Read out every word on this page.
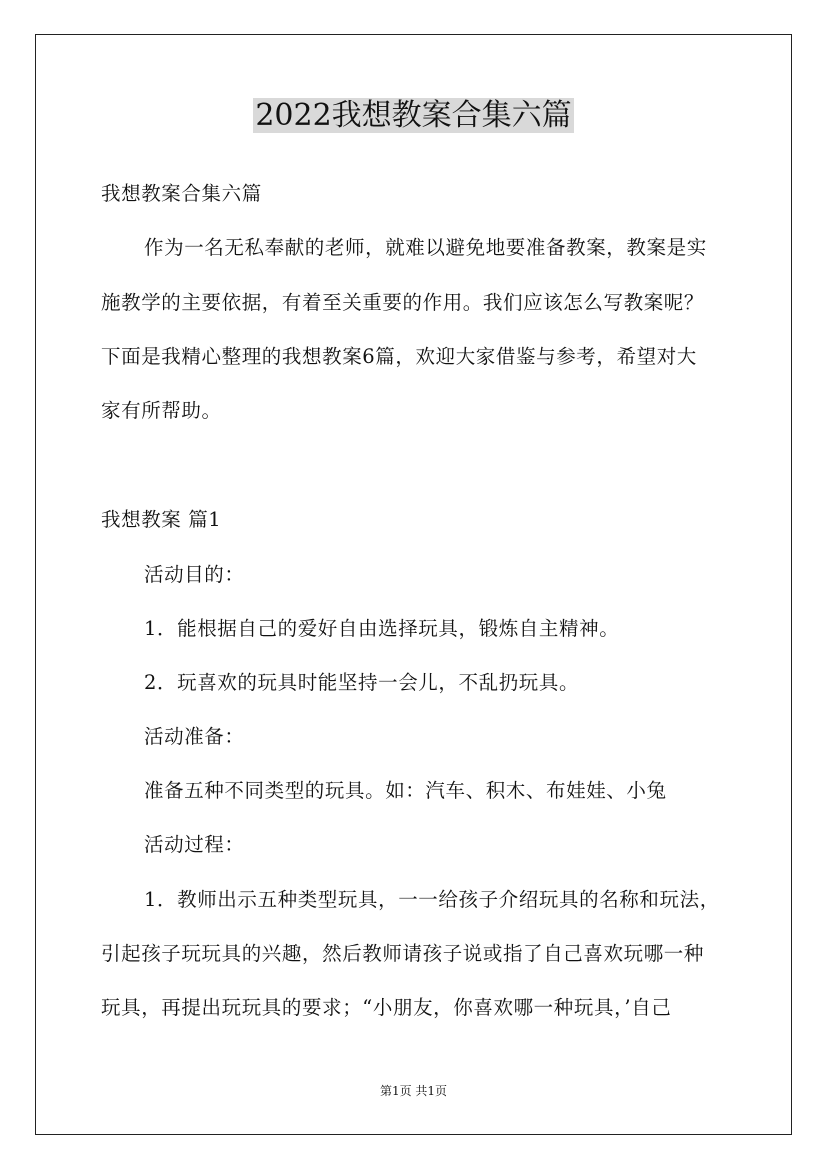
2022我想教案合集六篇
我想教案合集六篇
作为一名无私奉献的老师，就难以避免地要准备教案，教案是实
施教学的主要依据，有着至关重要的作用。我们应该怎么写教案呢？
下面是我精心整理的我想教案6篇，欢迎大家借鉴与参考，希望对大
家有所帮助。
我想教案 篇1
活动目的：
1．能根据自己的爱好自由选择玩具，锻炼自主精神。
2．玩喜欢的玩具时能坚持一会儿，不乱扔玩具。
活动准备：
准备五种不同类型的玩具。如：汽车、积木、布娃娃、小兔
活动过程：
1．教师出示五种类型玩具，一一给孩子介绍玩具的名称和玩法，
引起孩子玩玩具的兴趣，然后教师请孩子说或指了自己喜欢玩哪一种
玩具，再提出玩玩具的要求；“小朋友，你喜欢哪一种玩具，’自己
第1页 共1页
